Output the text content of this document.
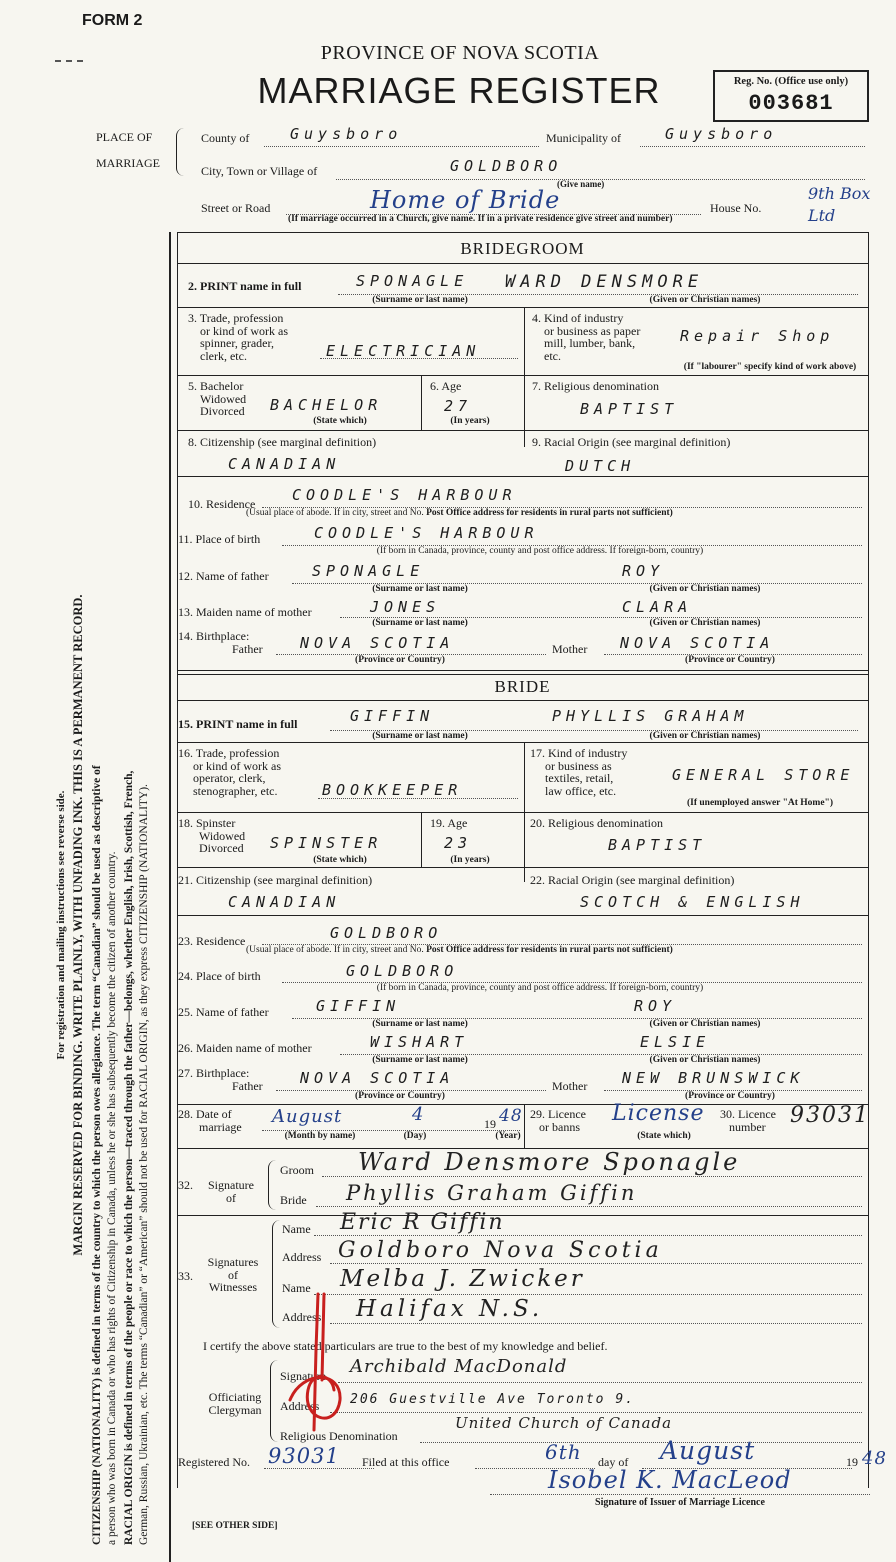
FORM 2
PROVINCE OF NOVA SCOTIA
MARRIAGE REGISTER	Reg. No. (Office use only)
003681
PLACE OF
MARRIAGE
County of	Guysboro	Municipality of	Guysboro
City, Town or Village of	GOLDBORO
(Give name)
Street or Road	Home of Bride	House No.
9th Box Ltd
(If marriage occurred in a Church, give name. If in a private residence give street and number)
For registration and mailing instructions see reverse side. MARGIN RESERVED FOR BINDING. WRITE PLAINLY, WITH UNFADING INK. THIS IS A PERMANENT RECORD. CITIZENSHIP (NATIONALITY) is defined in terms of the country to which the person owes allegiance. The term “Canadian” should be used as descriptive of a person who was born in Canada or who has rights of Citizenship in Canada, unless he or she has subsequently become the citizen of another country. RACIAL ORIGIN is defined in terms of the people or race to which the person—traced through the father—belongs, whether English, Irish, Scottish, French, German, Russian, Ukrainian, etc. The terms “Canadian” or “American” should not be used for RACIAL ORIGIN, as they express CITIZENSHIP (NATIONALITY).
BRIDEGROOM
2. PRINT name in full	SPONAGLE WARD DENSMORE
(Surname or last name)	(Given or Christian names)
3. Trade, profession
or kind of work as
spinner, grader,
clerk, etc.	ELECTRICIAN
4. Kind of industry
or business as paper
mill, lumber, bank,
etc.
Repair Shop
(If "labourer" specify kind of work above)
5. Bachelor
Widowed
Divorced	BACHELOR
(State which)
6. Age
27
(In years)
7. Religious denomination
BAPTIST
8. Citizenship (see marginal definition)
CANADIAN
9. Racial Origin (see marginal definition)
DUTCH
10. Residence COODLE'S HARBOUR
(Usual place of abode. If in city, street and No. Post Office address for residents in rural parts not sufficient)
11. Place of birth	COODLE'S HARBOUR
(If born in Canada, province, county and post office address. If foreign-born, country)
12. Name of father	SPONAGLE	ROY
(Surname or last name)	(Given or Christian names)
13. Maiden name of mother	JONES	CLARA
(Surname or last name)	(Given or Christian names)
14. Birthplace:
Father NOVA SCOTIA	Mother NOVA SCOTIA
(Province or Country)	(Province or Country)
BRIDE
15. PRINT name in full	GIFFIN	PHYLLIS GRAHAM
(Surname or last name)	(Given or Christian names)
16. Trade, profession
or kind of work as
operator, clerk,
stenographer, etc.	BOOKKEEPER
17. Kind of industry
or business as
textiles, retail,
law office, etc.
GENERAL STORE
(If unemployed answer "At Home")
18. Spinster
Widowed
Divorced	SPINSTER
(State which)
19. Age
23
(In years)
20. Religious denomination
BAPTIST
21. Citizenship (see marginal definition)
CANADIAN
22. Racial Origin (see marginal definition)
SCOTCH & ENGLISH
23. Residence	GOLDBORO
(Usual place of abode. If in city, street and No. Post Office address for residents in rural parts not sufficient)
24. Place of birth	GOLDBORO
(If born in Canada, province, county and post office address. If foreign-born, country)
25. Name of father	GIFFIN	ROY
(Surname or last name)	(Given or Christian names)
26. Maiden name of mother	WISHART	ELSIE
(Surname or last name)	(Given or Christian names)
27. Birthplace:
Father NOVA SCOTIA	Mother NEW BRUNSWICK
(Province or Country)	(Province or Country)
28. Date of
marriage August	4	19 48
(Month by name)	(Day)	(Year)
29. Licence
or banns
License
(State which)
30. Licence
number	93031
32.	Signature
of
Groom Ward Densmore Sponagle
Bride Phyllis Graham Giffin
33.
Signatures
of
Witnesses
Name Eric R Giffin
Address Goldboro Nova Scotia
Name Melba J. Zwicker
Address Halifax N.S.
I certify the above stated particulars are true to the best of my knowledge and belief.
Officiating
Clergyman
Signature Archibald MacDonald
Address 206 Guestville Ave Toronto 9.
Religious Denomination
United Church of Canada
Registered No. 93031 Filed at this office	6th day of August	19 48
Isobel K. MacLeod
Signature of Issuer of Marriage Licence
[SEE OTHER SIDE]
